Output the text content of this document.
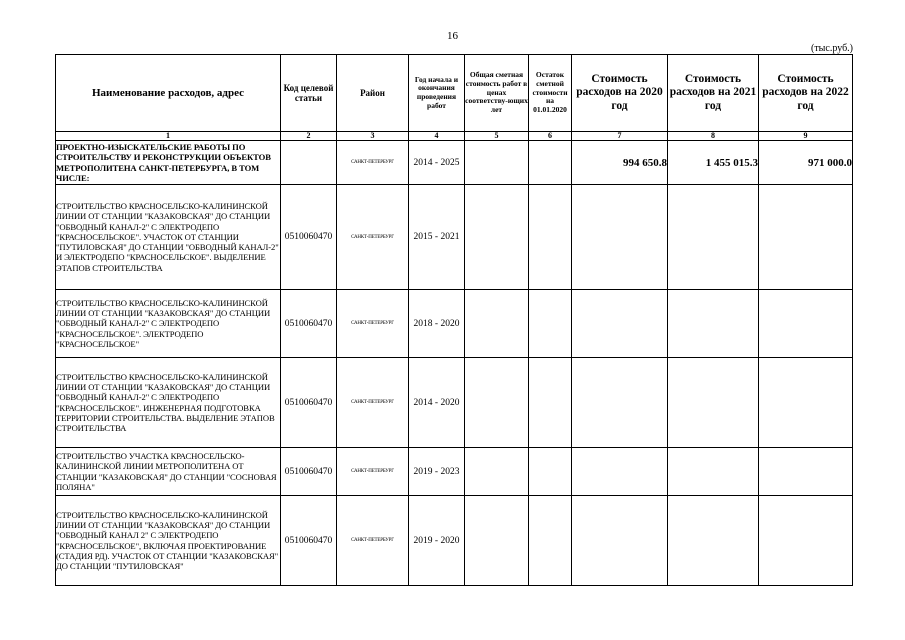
16
(тыс.руб.)
Наименование расходов, адрес	Код целевой статьи	Район	Год начала и окончания проведения работ	Общая сметная стоимость работ в ценах соответству-ющих лет	Остаток сметной стоимости на 01.01.2020	Стоимость расходов на 2020 год	Стоимость расходов на 2021 год	Стоимость расходов на 2022 год
1	2	3	4	5	6	7	8	9
ПРОЕКТНО-ИЗЫСКАТЕЛЬСКИЕ РАБОТЫ ПО СТРОИТЕЛЬСТВУ И РЕКОНСТРУКЦИИ ОБЪЕКТОВ МЕТРОПОЛИТЕНА САНКТ-ПЕТЕРБУРГА, В ТОМ ЧИСЛЕ:		САНКТ-ПЕТЕРБУРГ	2014 - 2025			994 650.8	1 455 015.3	971 000.0
СТРОИТЕЛЬСТВО КРАСНОСЕЛЬСКО-КАЛИНИНСКОЙ ЛИНИИ ОТ СТАНЦИИ "КАЗАКОВСКАЯ" ДО СТАНЦИИ "ОБВОДНЫЙ КАНАЛ-2" С ЭЛЕКТРОДЕПО "КРАСНОСЕЛЬСКОЕ". УЧАСТОК ОТ СТАНЦИИ "ПУТИЛОВСКАЯ" ДО СТАНЦИИ "ОБВОДНЫЙ КАНАЛ-2" И ЭЛЕКТРОДЕПО "КРАСНОСЕЛЬСКОЕ". ВЫДЕЛЕНИЕ ЭТАПОВ СТРОИТЕЛЬСТВА	0510060470	САНКТ-ПЕТЕРБУРГ	2015 - 2021					
СТРОИТЕЛЬСТВО КРАСНОСЕЛЬСКО-КАЛИНИНСКОЙ ЛИНИИ ОТ СТАНЦИИ "КАЗАКОВСКАЯ" ДО СТАНЦИИ "ОБВОДНЫЙ КАНАЛ-2" С ЭЛЕКТРОДЕПО "КРАСНОСЕЛЬСКОЕ". ЭЛЕКТРОДЕПО "КРАСНОСЕЛЬСКОЕ"	0510060470	САНКТ-ПЕТЕРБУРГ	2018 - 2020					
СТРОИТЕЛЬСТВО КРАСНОСЕЛЬСКО-КАЛИНИНСКОЙ ЛИНИИ ОТ СТАНЦИИ "КАЗАКОВСКАЯ" ДО СТАНЦИИ "ОБВОДНЫЙ КАНАЛ-2" С ЭЛЕКТРОДЕПО "КРАСНОСЕЛЬСКОЕ". ИНЖЕНЕРНАЯ ПОДГОТОВКА ТЕРРИТОРИИ СТРОИТЕЛЬСТВА. ВЫДЕЛЕНИЕ ЭТАПОВ СТРОИТЕЛЬСТВА	0510060470	САНКТ-ПЕТЕРБУРГ	2014 - 2020					
СТРОИТЕЛЬСТВО УЧАСТКА КРАСНОСЕЛЬСКО-КАЛИНИНСКОЙ ЛИНИИ МЕТРОПОЛИТЕНА ОТ СТАНЦИИ "КАЗАКОВСКАЯ" ДО СТАНЦИИ "СОСНОВАЯ ПОЛЯНА"	0510060470	САНКТ-ПЕТЕРБУРГ	2019 - 2023					
СТРОИТЕЛЬСТВО КРАСНОСЕЛЬСКО-КАЛИНИНСКОЙ ЛИНИИ ОТ СТАНЦИИ "КАЗАКОВСКАЯ" ДО СТАНЦИИ "ОБВОДНЫЙ КАНАЛ 2" С ЭЛЕКТРОДЕПО "КРАСНОСЕЛЬСКОЕ", ВКЛЮЧАЯ ПРОЕКТИРОВАНИЕ (СТАДИЯ РД). УЧАСТОК ОТ СТАНЦИИ "КАЗАКОВСКАЯ" ДО СТАНЦИИ "ПУТИЛОВСКАЯ"	0510060470	САНКТ-ПЕТЕРБУРГ	2019 - 2020					
